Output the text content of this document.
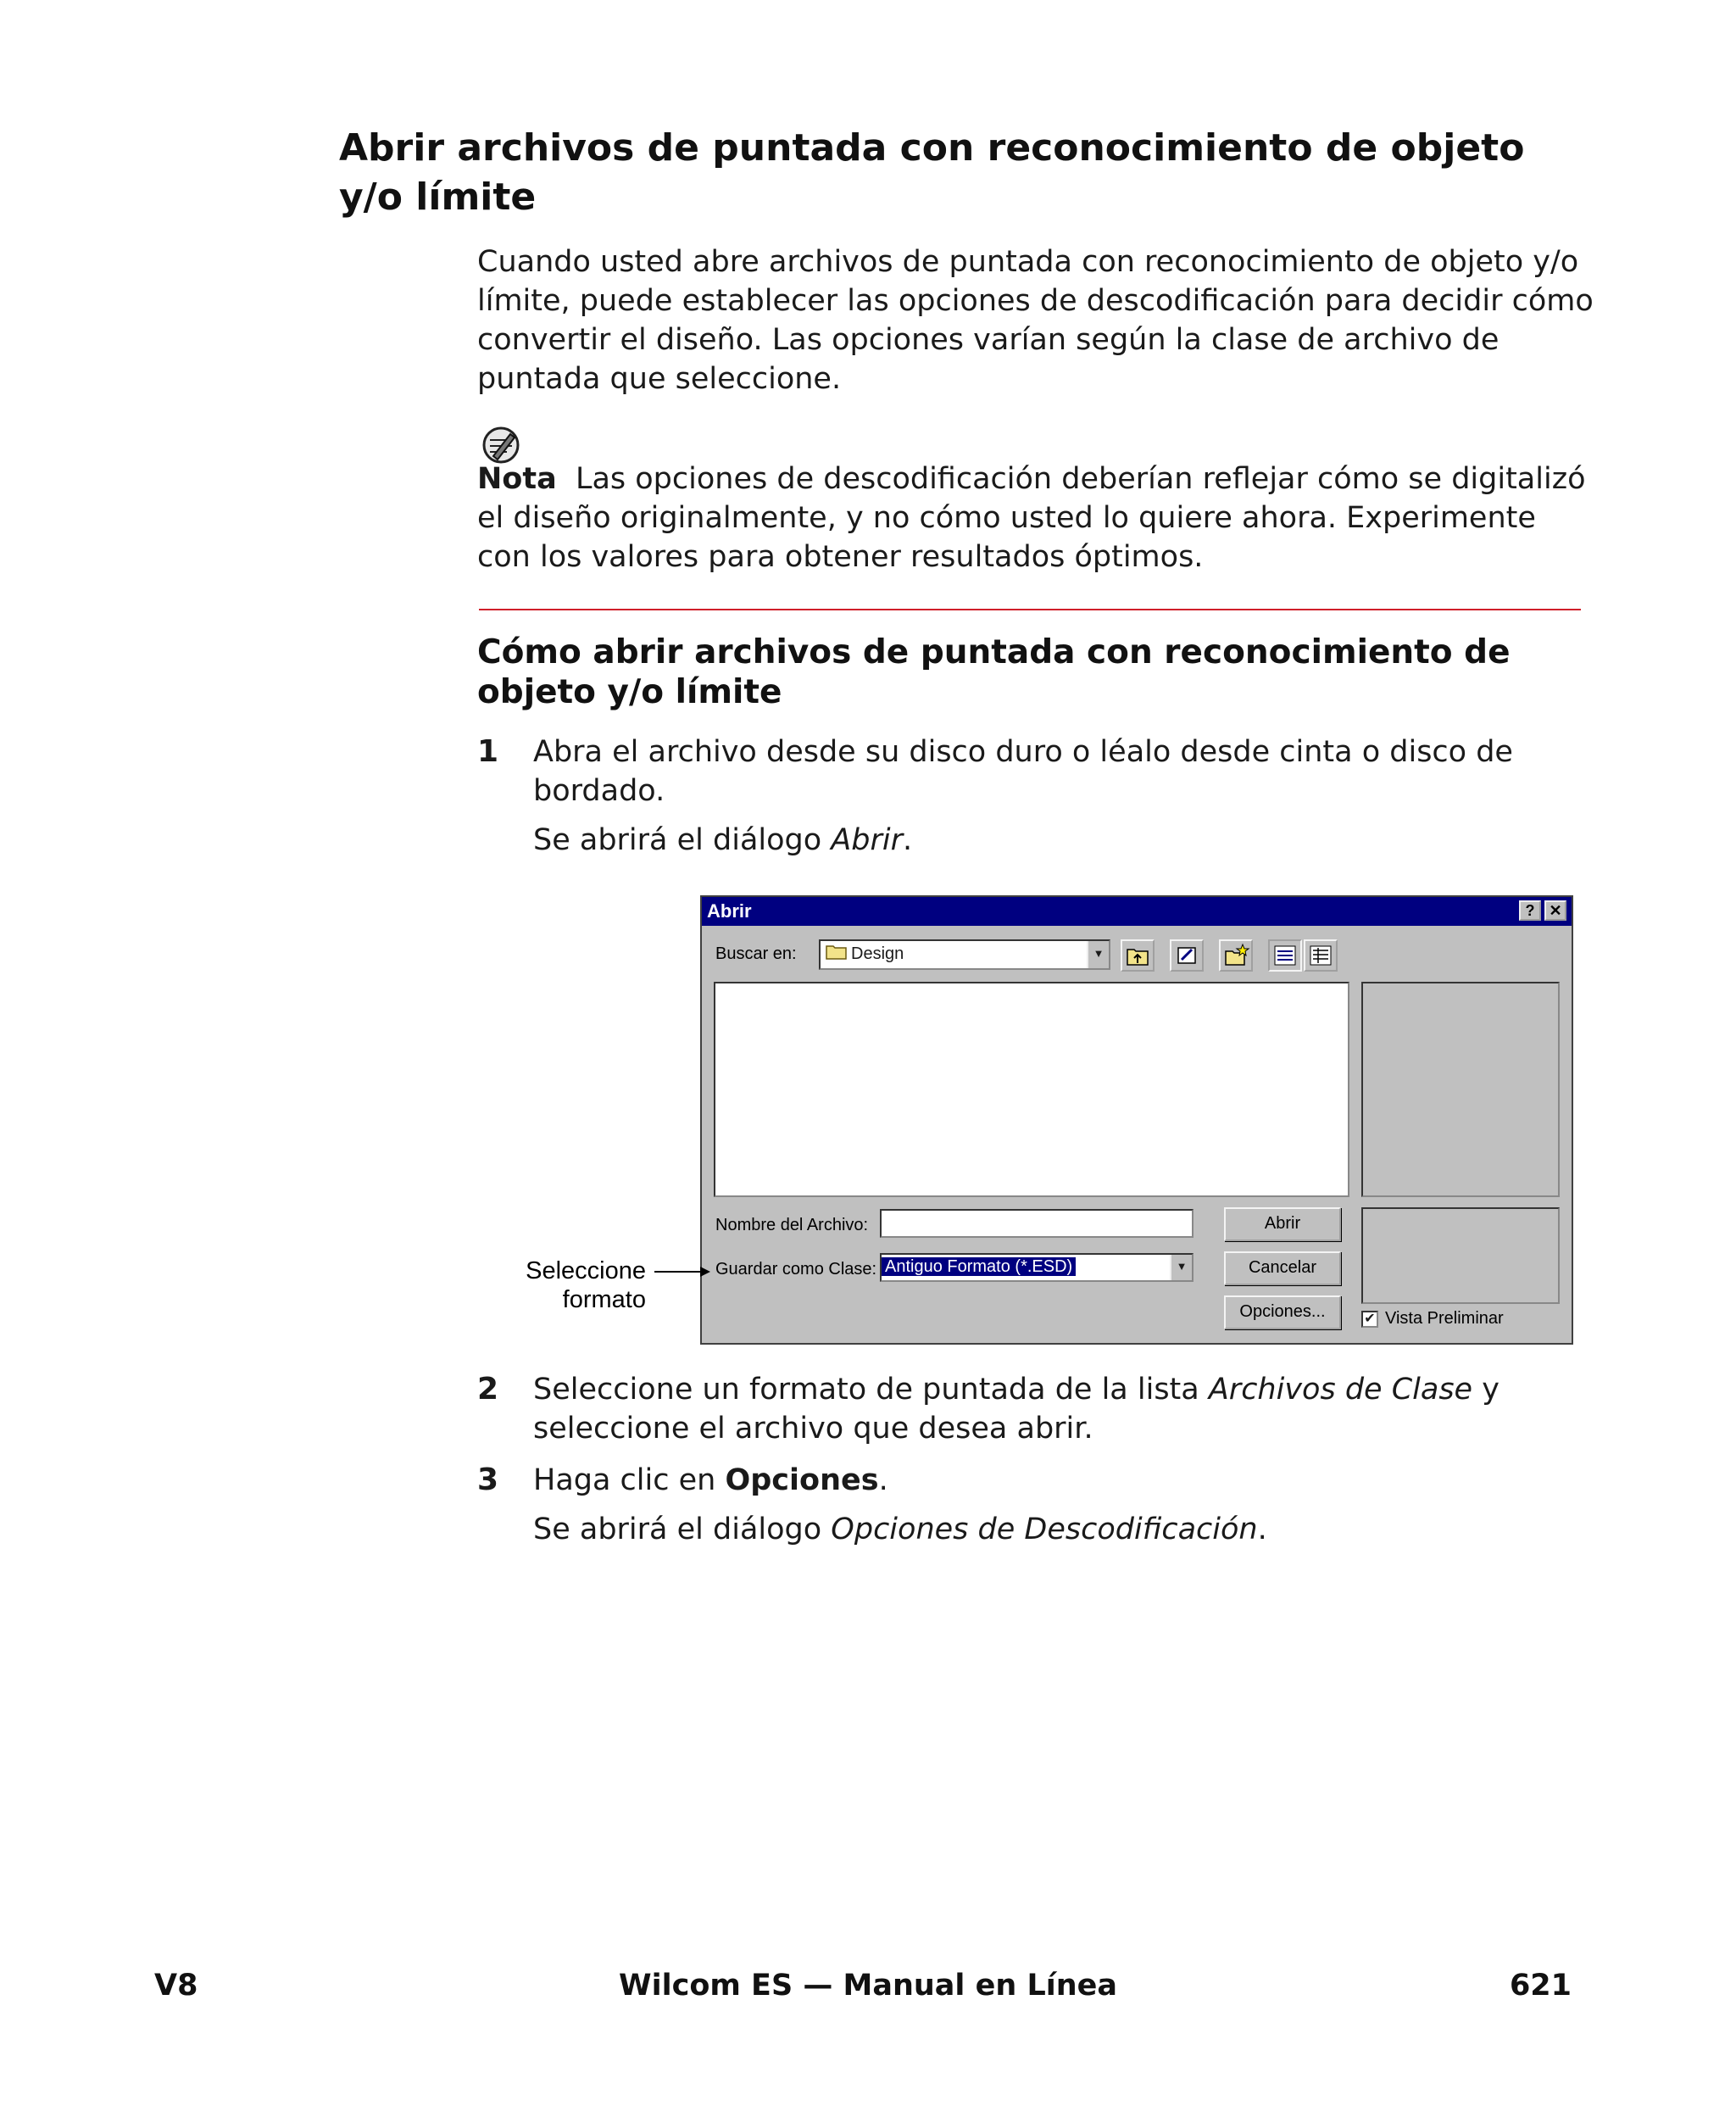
Abrir archivos de puntada con reconocimiento de objeto y/o límite
Cuando usted abre archivos de puntada con reconocimiento de objeto y/o límite, puede establecer las opciones de descodificación para decidir cómo convertir el diseño. Las opciones varían según la clase de archivo de puntada que seleccione.
Nota Las opciones de descodificación deberían reflejar cómo se digitalizó el diseño originalmente, y no cómo usted lo quiere ahora. Experimente con los valores para obtener resultados óptimos.
Cómo abrir archivos de puntada con reconocimiento de objeto y/o límite
1 Abra el archivo desde su disco duro o léalo desde cinta o disco de bordado.
Se abrirá el diálogo Abrir.
Abrir	? ✕
Buscar en:	Design	▼
Nombre del Archivo:
Guardar como Clase: Antiguo Formato (*.ESD)	▼
Abrir
Cancelar
Opciones...	✔ Vista Preliminar
Seleccione
formato
2 Seleccione un formato de puntada de la lista Archivos de Clase y seleccione el archivo que desea abrir.
3 Haga clic en Opciones.
Se abrirá el diálogo Opciones de Descodificación.
V8	Wilcom ES — Manual en Línea	621
